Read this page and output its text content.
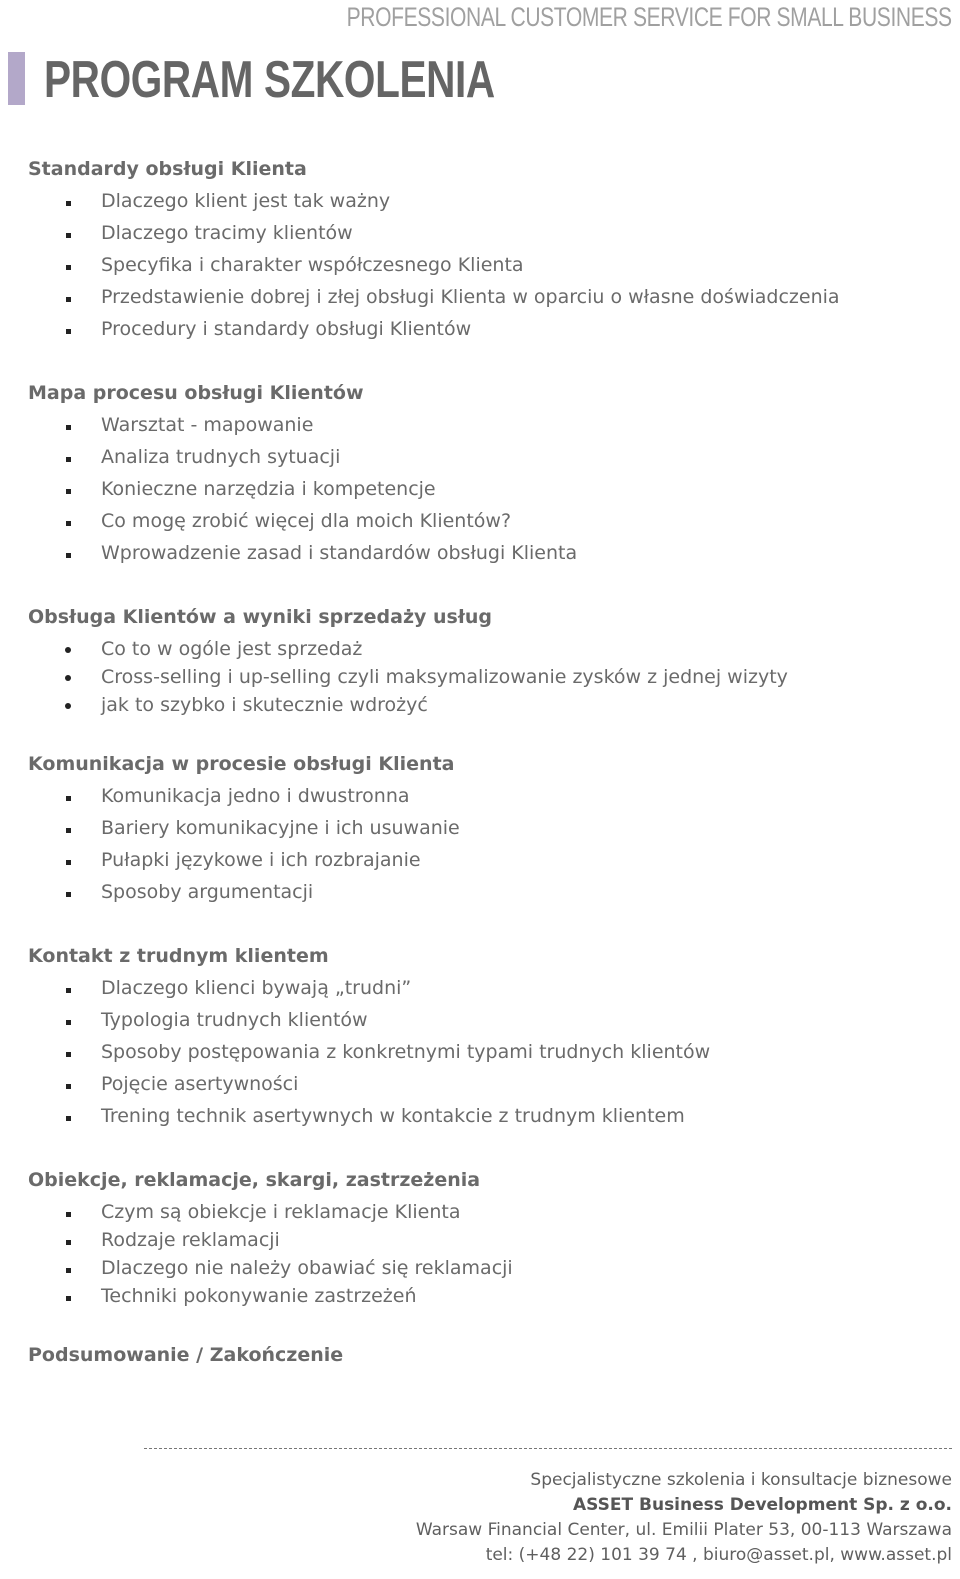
PROFESSIONAL CUSTOMER SERVICE FOR SMALL BUSINESS
PROGRAM SZKOLENIA
Standardy obsługi Klienta
Dlaczego klient jest tak ważny
Dlaczego tracimy klientów
Specyfika i charakter współczesnego Klienta
Przedstawienie dobrej i złej obsługi Klienta w oparciu o własne doświadczenia
Procedury i standardy obsługi Klientów
Mapa procesu obsługi Klientów
Warsztat - mapowanie
Analiza trudnych sytuacji
Konieczne narzędzia i kompetencje
Co mogę zrobić więcej dla moich Klientów?
Wprowadzenie zasad i standardów obsługi Klienta
Obsługa Klientów a wyniki sprzedaży usług
Co to w ogóle jest sprzedaż
Cross-selling i up-selling czyli maksymalizowanie zysków z jednej wizyty
jak to szybko i skutecznie wdrożyć
Komunikacja w procesie obsługi Klienta
Komunikacja jedno i dwustronna
Bariery komunikacyjne i ich usuwanie
Pułapki językowe i ich rozbrajanie
Sposoby argumentacji
Kontakt z trudnym klientem
Dlaczego klienci bywają „trudni”
Typologia trudnych klientów
Sposoby postępowania z konkretnymi typami trudnych klientów
Pojęcie asertywności
Trening technik asertywnych w kontakcie z trudnym klientem
Obiekcje, reklamacje, skargi, zastrzeżenia
Czym są obiekcje i reklamacje Klienta
Rodzaje reklamacji
Dlaczego nie należy obawiać się reklamacji
Techniki pokonywanie zastrzeżeń
Podsumowanie / Zakończenie
Specjalistyczne szkolenia i konsultacje biznesowe
ASSET Business Development Sp. z o.o.
Warsaw Financial Center, ul. Emilii Plater 53, 00-113 Warszawa
tel: (+48 22) 101 39 74 , biuro@asset.pl, www.asset.pl
